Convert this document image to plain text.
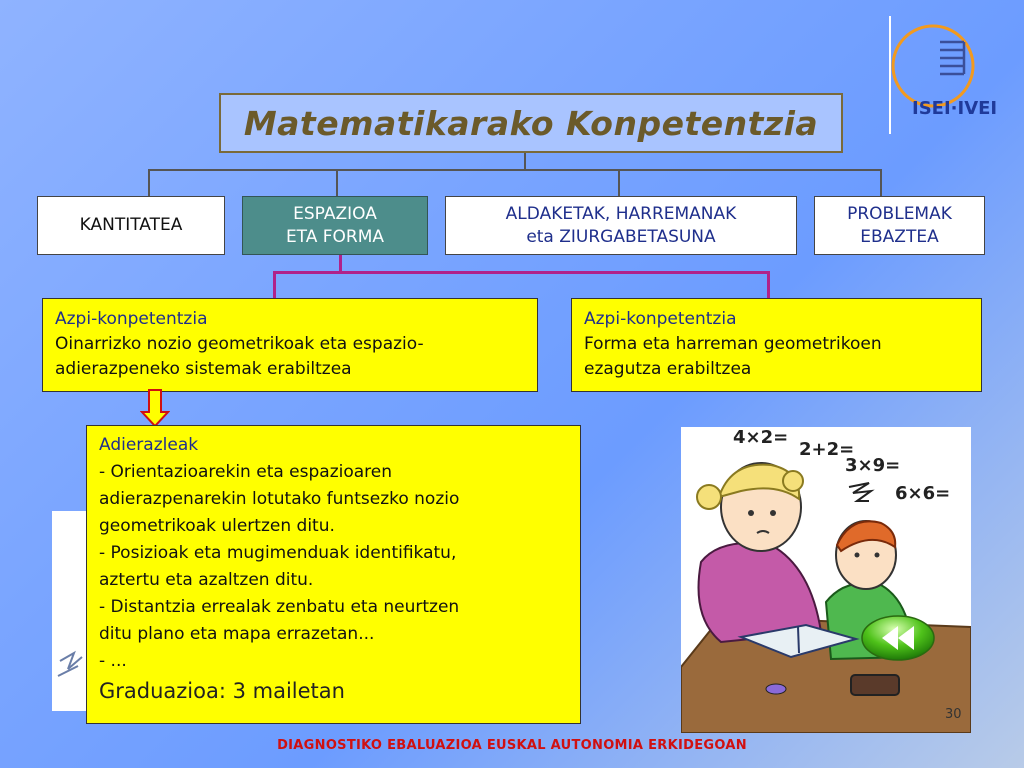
ISEI·IVEI
Matematikarako Konpetentzia
KANTITATEA
ESPAZIOA
ETA FORMA
ALDAKETAK, HARREMANAK
eta ZIURGABETASUNA
PROBLEMAK
EBAZTEA
Azpi-konpetentzia
Oinarrizko nozio geometrikoak eta espazio-
adierazpeneko sistemak erabiltzea
Azpi-konpetentzia
Forma eta harreman geometrikoen
ezagutza erabiltzea
Adierazleak
- Orientazioarekin eta espazioaren
adierazpenarekin lotutako funtsezko nozio
geometrikoak ulertzen ditu.
- Posizioak eta mugimenduak identifikatu,
aztertu eta azaltzen ditu.
- Distantzia errealak zenbatu eta neurtzen
ditu plano eta mapa errazetan...
- ...
Graduazioa: 3 mailetan
4×2=
2+2=
3×9=
6×6=
30
DIAGNOSTIKO EBALUAZIOA EUSKAL AUTONOMIA ERKIDEGOAN
